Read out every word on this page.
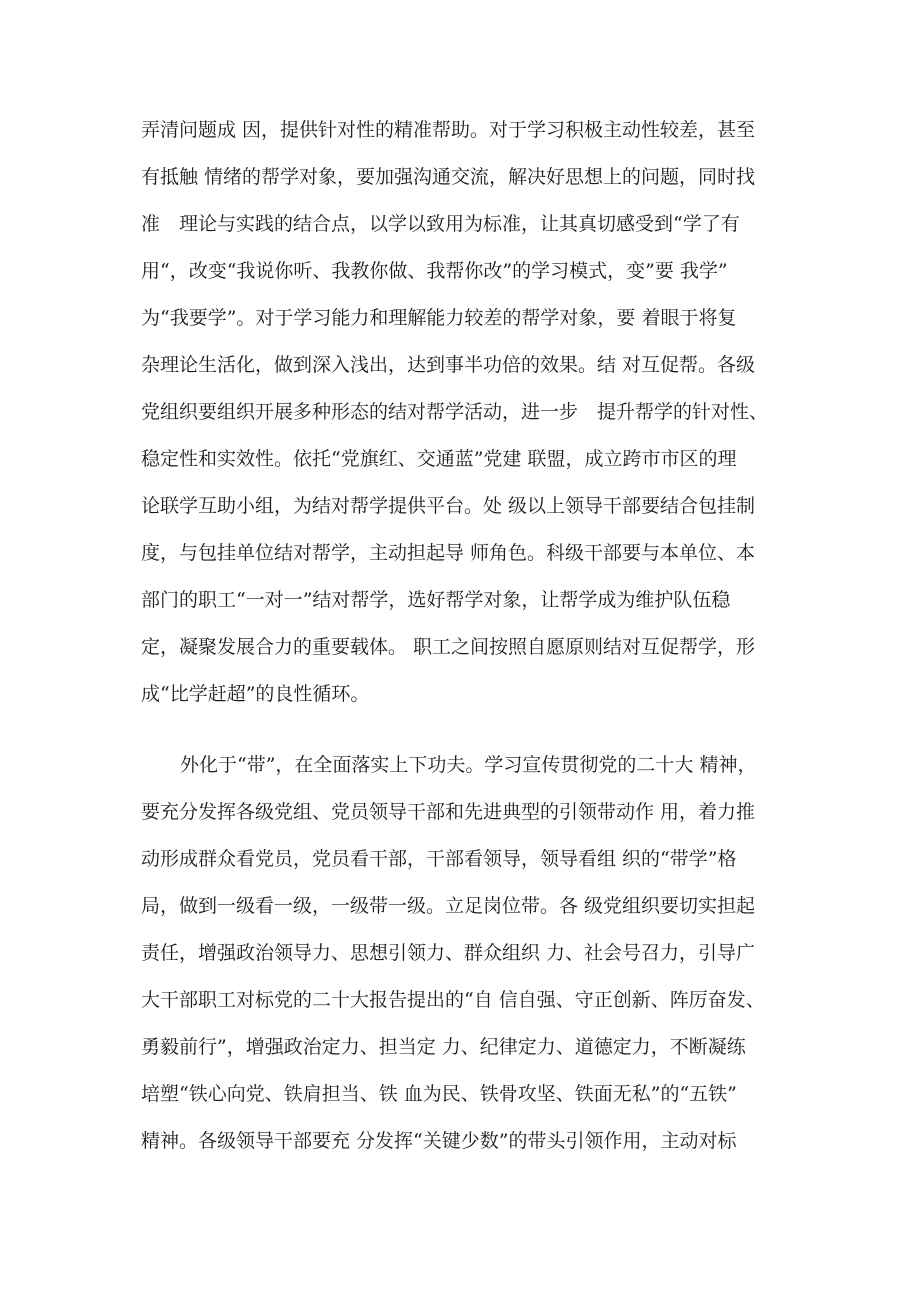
弄清问题成 因，提供针对性的精准帮助。对于学习积极主动性较差，甚至
有抵触 情绪的帮学对象，要加强沟通交流，解决好思想上的问题，同时找
准　理论与实践的结合点，以学以致用为标准，让其真切感受到“学了有
用“，改变“我说你听、我教你做、我帮你改”的学习模式，变”要 我学”
为“我要学”。对于学习能力和理解能力较差的帮学对象，要 着眼于将复
杂理论生活化，做到深入浅出，达到事半功倍的效果。结 对互促帮。各级
党组织要组织开展多种形态的结对帮学活动，进一步　提升帮学的针对性、
稳定性和实效性。依托“党旗红、交通蓝”党建 联盟，成立跨市市区的理
论联学互助小组，为结对帮学提供平台。处 级以上领导干部要结合包挂制
度，与包挂单位结对帮学，主动担起导 师角色。科级干部要与本单位、本
部门的职工“一对一”结对帮学，选好帮学对象，让帮学成为维护队伍稳
定，凝聚发展合力的重要载体。 职工之间按照自愿原则结对互促帮学，形
成“比学赶超”的良性循环。
外化于“带”，在全面落实上下功夫。学习宣传贯彻党的二十大 精神，
要充分发挥各级党组、党员领导干部和先进典型的引领带动作 用，着力推
动形成群众看党员，党员看干部，干部看领导，领导看组 织的“带学”格
局，做到一级看一级，一级带一级。立足岗位带。各 级党组织要切实担起
责任，增强政治领导力、思想引领力、群众组织 力、社会号召力，引导广
大干部职工对标党的二十大报告提出的“自 信自强、守正创新、阵厉奋发、
勇毅前行”，增强政治定力、担当定 力、纪律定力、道德定力，不断凝练
培塑“铁心向党、铁肩担当、铁 血为民、铁骨攻坚、铁面无私”的“五铁”
精神。各级领导干部要充 分发挥“关键少数”的带头引领作用，主动对标
